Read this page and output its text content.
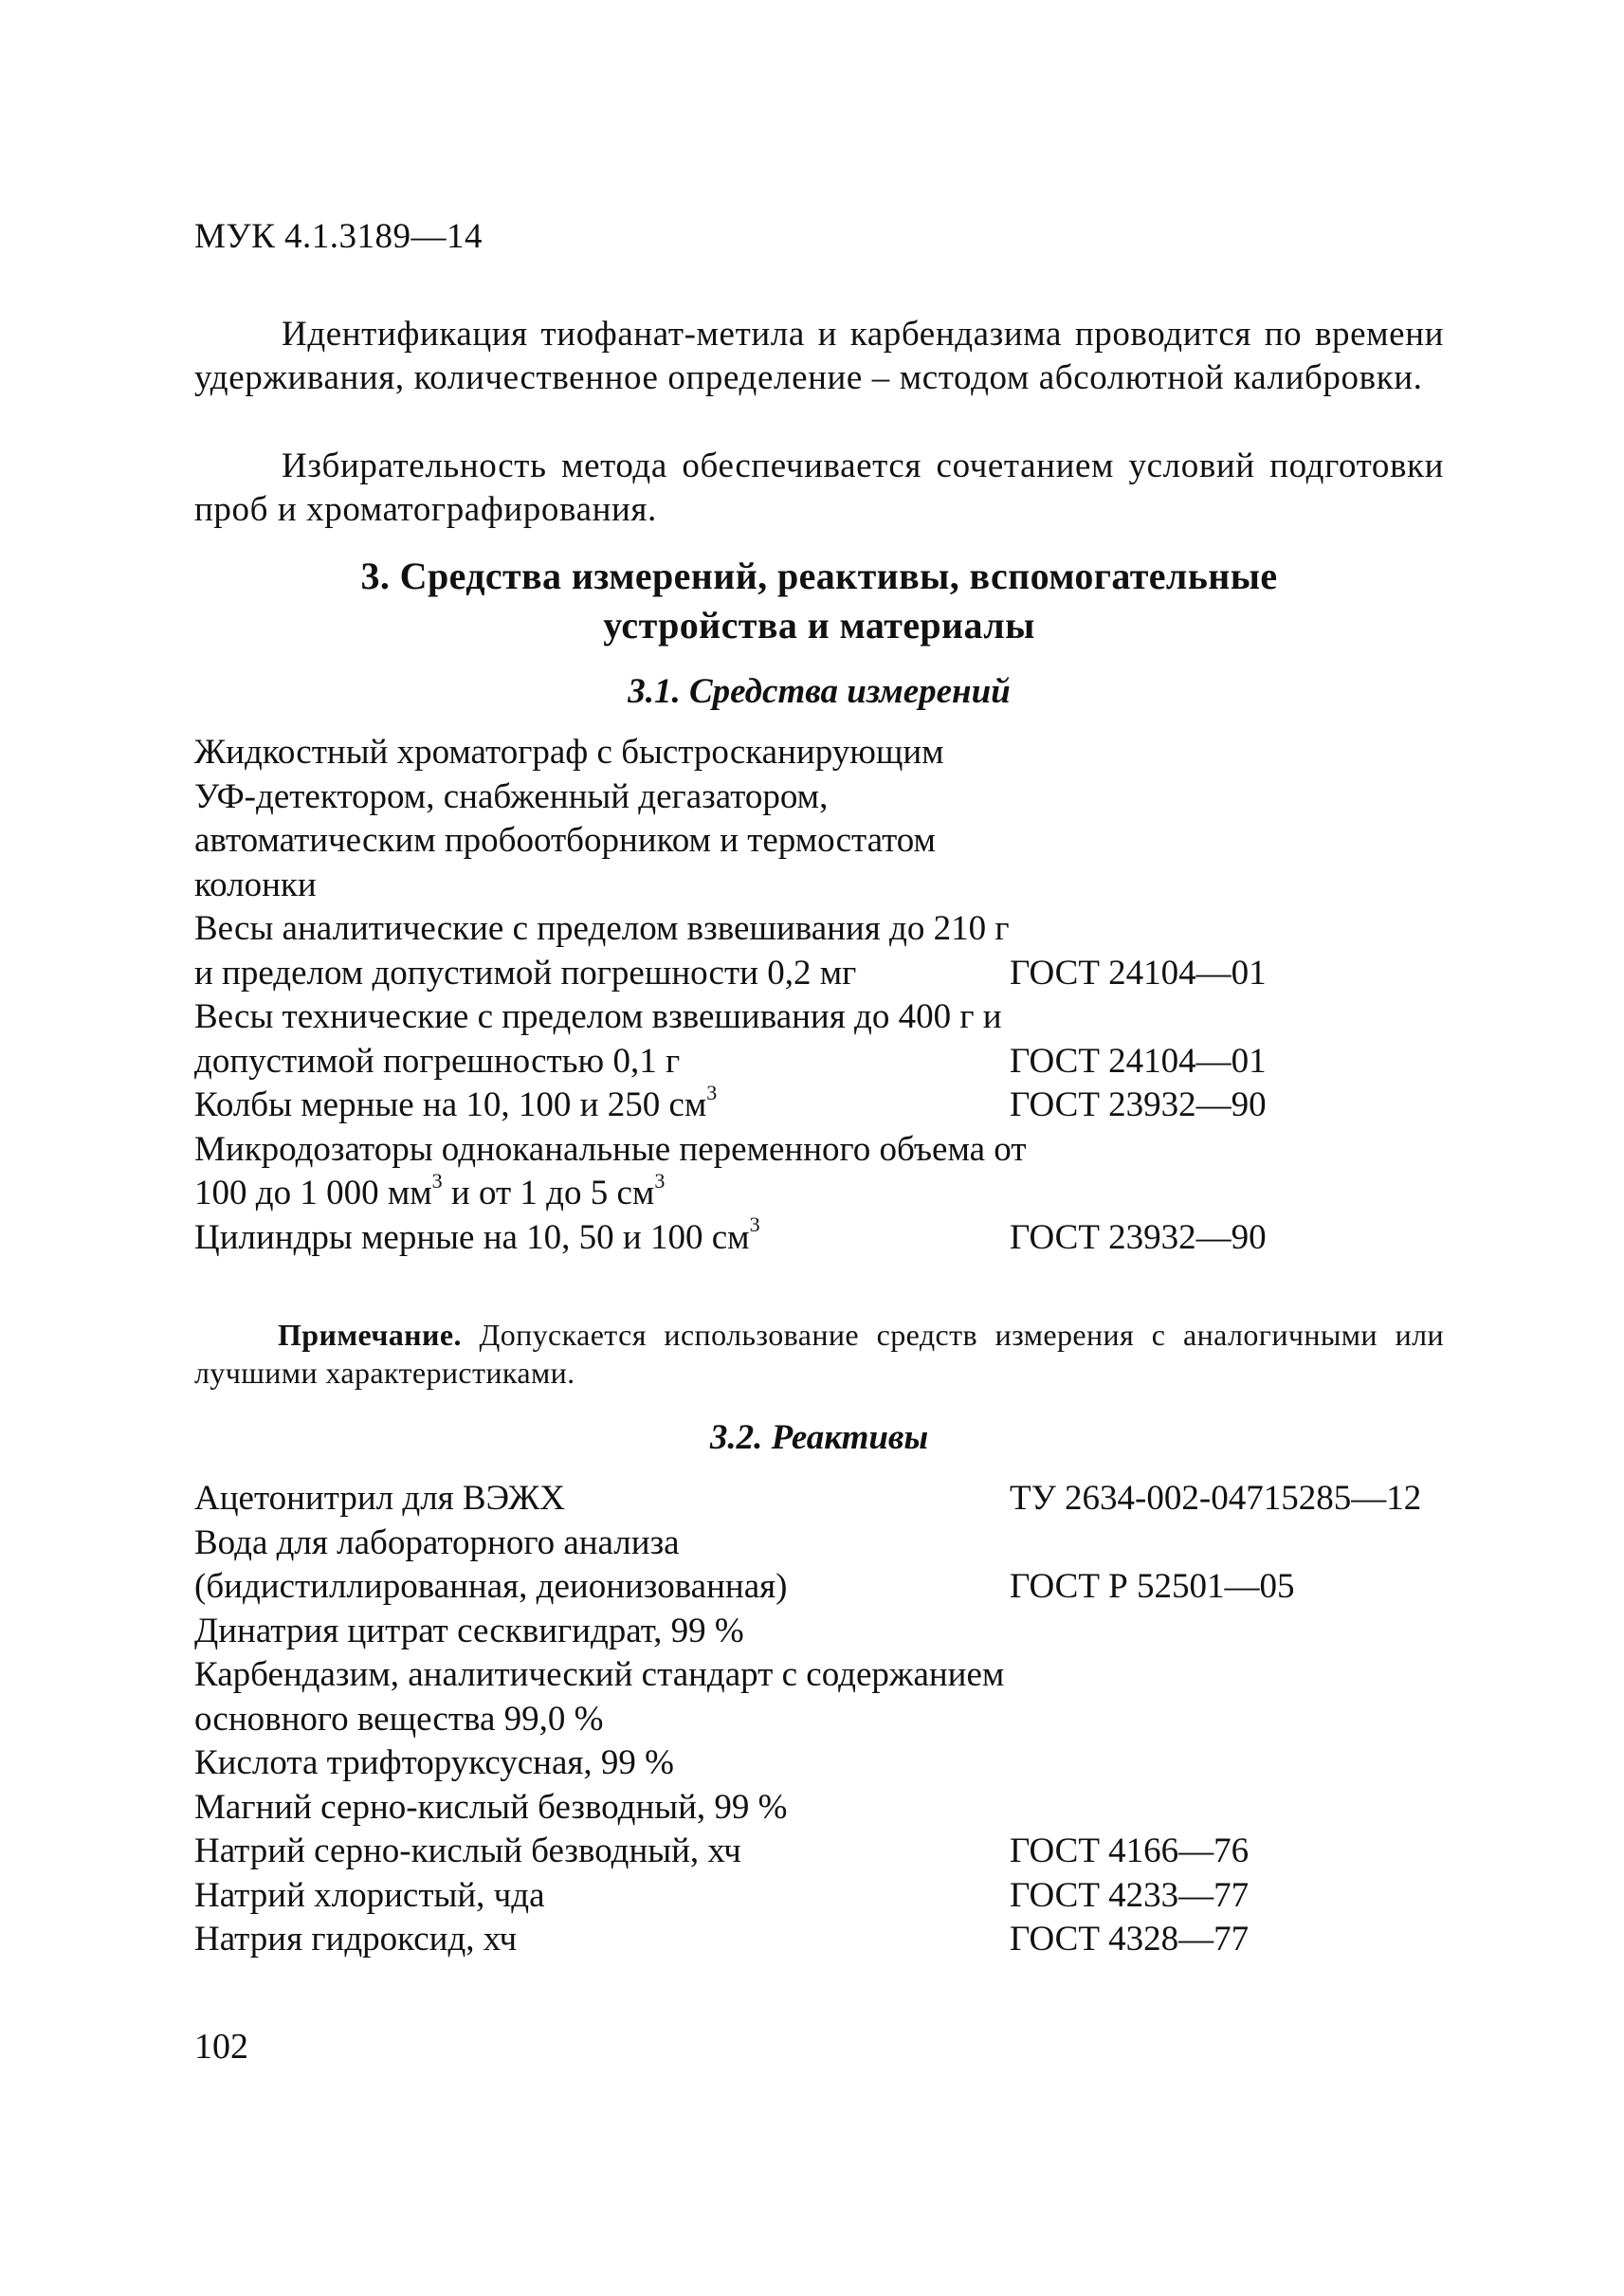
МУК 4.1.3189—14
Идентификация тиофанат-метила и карбендазима проводится по времени удерживания, количественное определение – мстодом абсолютной калибровки.
Избирательность метода обеспечивается сочетанием условий подготовки проб и хроматографирования.
3. Средства измерений, реактивы, вспомогательные
устройства и материалы
3.1. Средства измерений
Жидкостный хроматограф с быстросканирующим УФ-детектором, снабженный дегазатором, автоматическим пробоотборником и термостатом колонки
Весы аналитические с пределом взвешивания до 210 г и пределом допустимой погрешности 0,2 мг	ГОСТ 24104—01
Весы технические с пределом взвешивания до 400 г и допустимой погрешностью 0,1 г	ГОСТ 24104—01
Колбы мерные на 10, 100 и 250 $см^3$	ГОСТ 23932—90
Микродозаторы одноканальные переменного объема от 100 до 1 000 $мм^3$ и от 1 до 5 $см^3$
Цилиндры мерные на 10, 50 и 100 $см^3$	ГОСТ 23932—90
Примечание. Допускается использование средств измерения с аналогичными или лучшими характеристиками.
3.2. Реактивы
Ацетонитрил для ВЭЖХ	ТУ 2634-002-04715285—12
Вода для лабораторного анализа (бидистиллированная, деионизованная)	ГОСТ Р 52501—05
Динатрия цитрат сесквигидрат, 99 %
Карбендазим, аналитический стандарт с содержанием основного вещества 99,0 %
Кислота трифторуксусная, 99 %
Магний серно-кислый безводный, 99 %
Натрий серно-кислый безводный, хч	ГОСТ 4166—76
Натрий хлористый, чда	ГОСТ 4233—77
Натрия гидроксид, хч	ГОСТ 4328—77
102
